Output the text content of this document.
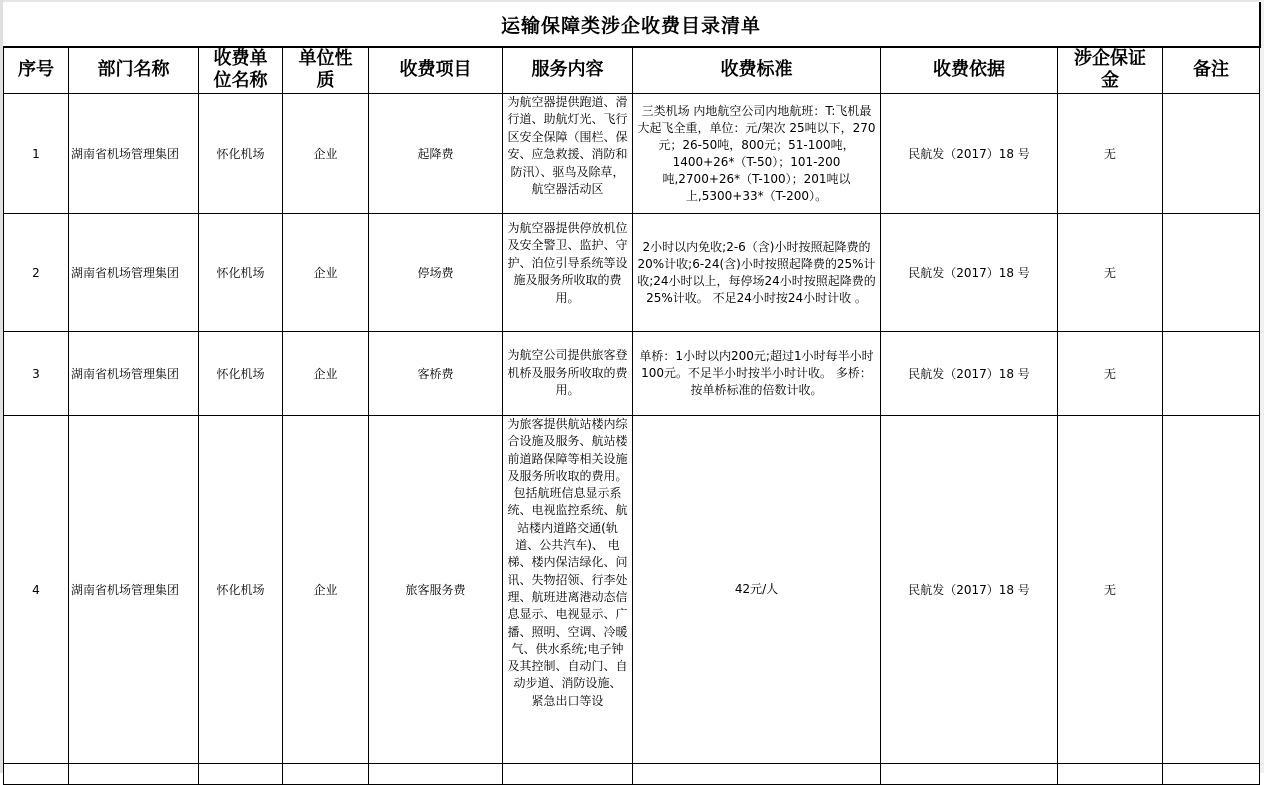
运输保障类涉企收费目录清单
序号	部门名称	收费单位名称	单位性质	收费项目	服务内容	收费标准	收费依据	涉企保证金	备注
1	湖南省机场管理集团	怀化机场	企业	起降费	为航空器提供跑道、滑行道、助航灯光、飞行区安全保障（围栏、保安、应急救援、消防和防汛）、驱鸟及除草，航空器活动区	三类机场 内地航空公司内地航班：T:飞机最大起飞全重，单位：元/架次 25吨以下，270元；26-50吨，800元；51-100吨，1400+26*（T-50）；101-200吨,2700+26*（T-100）；201吨以上,5300+33*（T-200）。	民航发（2017）18 号	无	
2	湖南省机场管理集团	怀化机场	企业	停场费	为航空器提供停放机位及安全警卫、监护、守护、泊位引导系统等设施及服务所收取的费用。	2小时以内免收;2-6（含)小时按照起降费的20%计收;6-24(含)小时按照起降费的25%计收;24小时以上，每停场24小时按照起降费的25%计收。 不足24小时按24小时计收 。	民航发（2017）18 号	无	
3	湖南省机场管理集团	怀化机场	企业	客桥费	为航空公司提供旅客登机桥及服务所收取的费用。	单桥：1小时以内200元;超过1小时每半小时100元。不足半小时按半小时计收。 多桥：按单桥标准的倍数计收。	民航发（2017）18 号	无	
4	湖南省机场管理集团	怀化机场	企业	旅客服务费	为旅客提供航站楼内综合设施及服务、航站楼前道路保障等相关设施及服务所收取的费用。包括航班信息显示系统、电视监控系统、航站楼内道路交通(轨道、公共汽车)、 电梯、楼内保洁绿化、问讯、失物招领、行李处理、航班进离港动态信息显示、电视显示、广播、照明、空调、冷暖气、供水系统;电子钟及其控制、自动门、自动步道、消防设施、 紧急出口等设	42元/人	民航发（2017）18 号	无	
